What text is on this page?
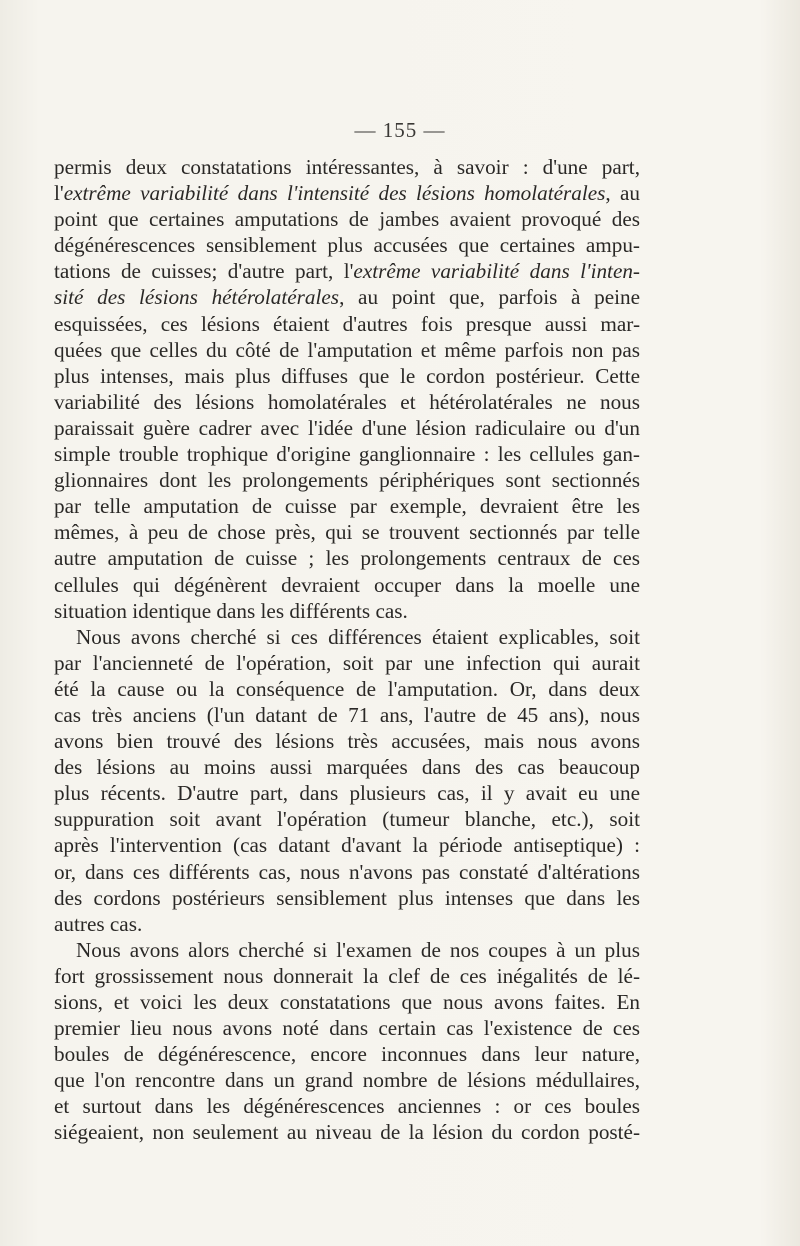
— 155 —
permis deux constatations intéressantes, à savoir : d'une part,
l'extrême variabilité dans l'intensité des lésions homolatérales, au
point que certaines amputations de jambes avaient provoqué des
dégénérescences sensiblement plus accusées que certaines ampu-
tations de cuisses; d'autre part, l'extrême variabilité dans l'inten-
sité des lésions hétérolatérales, au point que, parfois à peine
esquissées, ces lésions étaient d'autres fois presque aussi mar-
quées que celles du côté de l'amputation et même parfois non pas
plus intenses, mais plus diffuses que le cordon postérieur. Cette
variabilité des lésions homolatérales et hétérolatérales ne nous
paraissait guère cadrer avec l'idée d'une lésion radiculaire ou d'un
simple trouble trophique d'origine ganglionnaire : les cellules gan-
glionnaires dont les prolongements périphériques sont sectionnés
par telle amputation de cuisse par exemple, devraient être les
mêmes, à peu de chose près, qui se trouvent sectionnés par telle
autre amputation de cuisse ; les prolongements centraux de ces
cellules qui dégénèrent devraient occuper dans la moelle une
situation identique dans les différents cas.
Nous avons cherché si ces différences étaient explicables, soit
par l'ancienneté de l'opération, soit par une infection qui aurait
été la cause ou la conséquence de l'amputation. Or, dans deux
cas très anciens (l'un datant de 71 ans, l'autre de 45 ans), nous
avons bien trouvé des lésions très accusées, mais nous avons
des lésions au moins aussi marquées dans des cas beaucoup
plus récents. D'autre part, dans plusieurs cas, il y avait eu une
suppuration soit avant l'opération (tumeur blanche, etc.), soit
après l'intervention (cas datant d'avant la période antiseptique) :
or, dans ces différents cas, nous n'avons pas constaté d'altérations
des cordons postérieurs sensiblement plus intenses que dans les
autres cas.
Nous avons alors cherché si l'examen de nos coupes à un plus
fort grossissement nous donnerait la clef de ces inégalités de lé-
sions, et voici les deux constatations que nous avons faites. En
premier lieu nous avons noté dans certain cas l'existence de ces
boules de dégénérescence, encore inconnues dans leur nature,
que l'on rencontre dans un grand nombre de lésions médullaires,
et surtout dans les dégénérescences anciennes : or ces boules
siégeaient, non seulement au niveau de la lésion du cordon posté-
